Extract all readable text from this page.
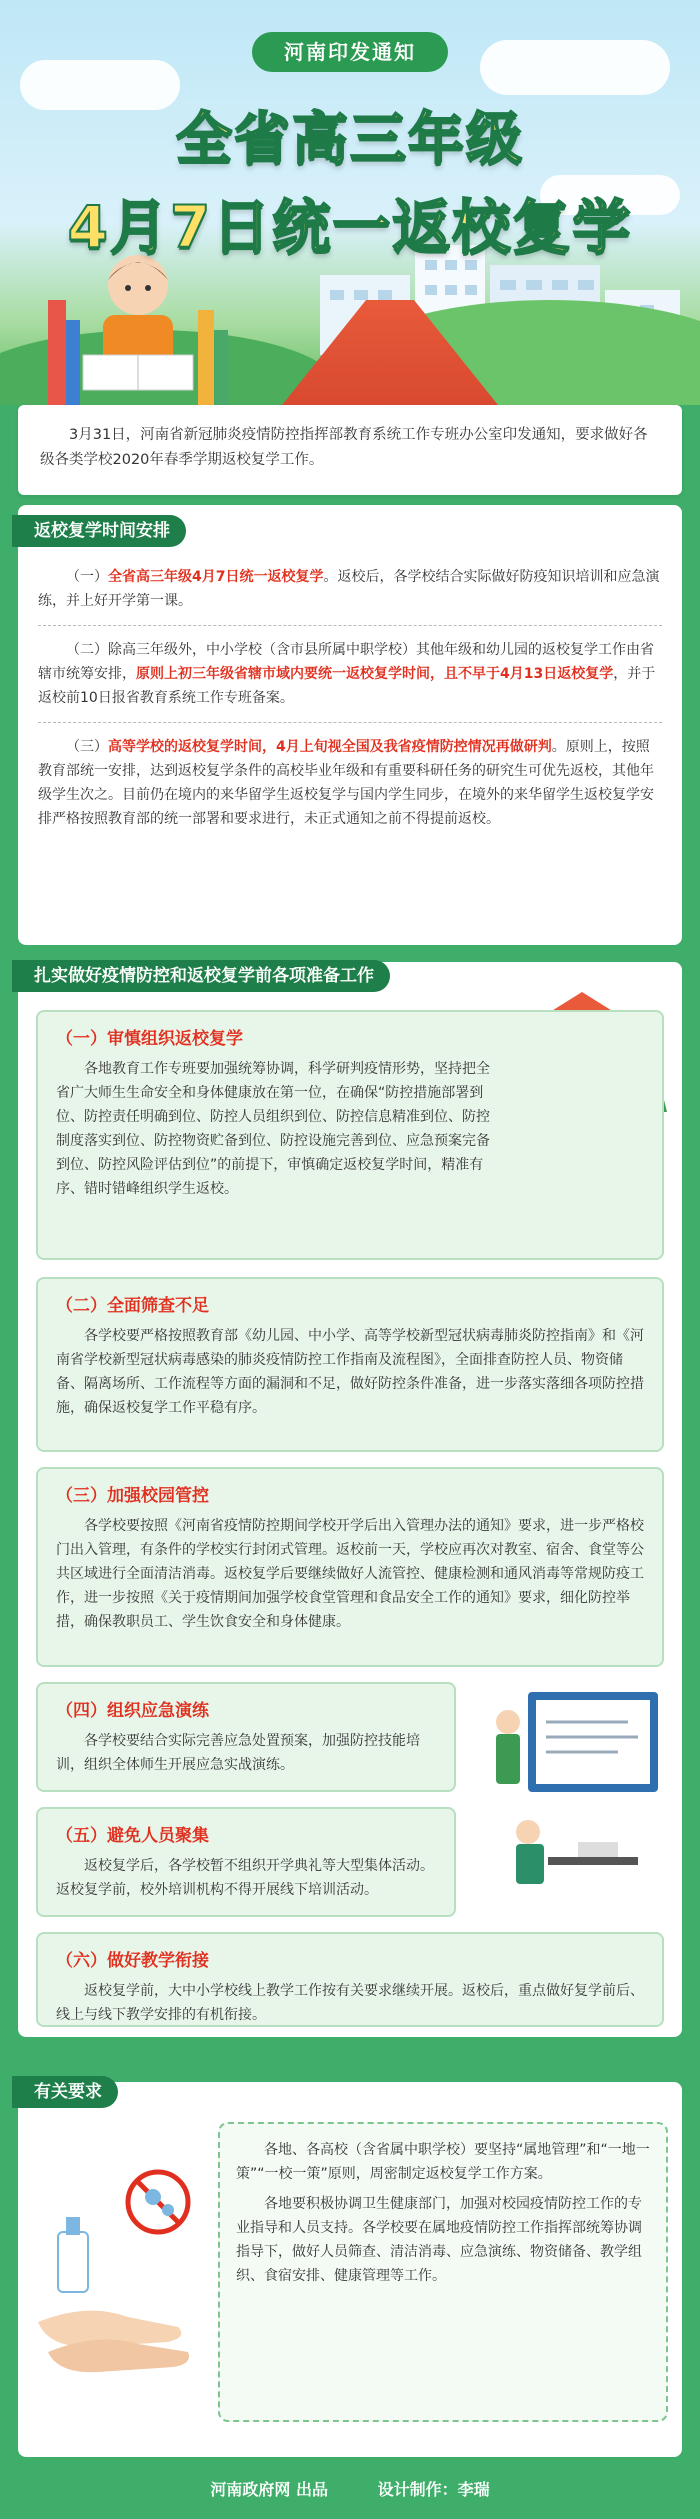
河南印发通知
全省高三年级
4月7日统一返校复学
3月31日，河南省新冠肺炎疫情防控指挥部教育系统工作专班办公室印发通知，要求做好各级各类学校2020年春季学期返校复学工作。
返校复学时间安排
（一）全省高三年级4月7日统一返校复学。返校后，各学校结合实际做好防疫知识培训和应急演练，并上好开学第一课。
（二）除高三年级外，中小学校（含市县所属中职学校）其他年级和幼儿园的返校复学工作由省辖市统筹安排，原则上初三年级省辖市域内要统一返校复学时间，且不早于4月13日返校复学，并于返校前10日报省教育系统工作专班备案。
（三）高等学校的返校复学时间，4月上旬视全国及我省疫情防控情况再做研判。原则上，按照教育部统一安排，达到返校复学条件的高校毕业年级和有重要科研任务的研究生可优先返校，其他年级学生次之。目前仍在境内的来华留学生返校复学与国内学生同步，在境外的来华留学生返校复学安排严格按照教育部的统一部署和要求进行，未正式通知之前不得提前返校。
扎实做好疫情防控和返校复学前各项准备工作
（一）审慎组织返校复学

各地教育工作专班要加强统筹协调，科学研判疫情形势，坚持把全省广大师生生命安全和身体健康放在第一位，在确保“防控措施部署到位、防控责任明确到位、防控人员组织到位、防控信息精准到位、防控制度落实到位、防控物资贮备到位、防控设施完善到位、应急预案完备到位、防控风险评估到位”的前提下，审慎确定返校复学时间，精准有序、错时错峰组织学生返校。

（二）全面筛查不足

各学校要严格按照教育部《幼儿园、中小学、高等学校新型冠状病毒肺炎防控指南》和《河南省学校新型冠状病毒感染的肺炎疫情防控工作指南及流程图》，全面排查防控人员、物资储备、隔离场所、工作流程等方面的漏洞和不足，做好防控条件准备，进一步落实落细各项防控措施，确保返校复学工作平稳有序。

（三）加强校园管控

各学校要按照《河南省疫情防控期间学校开学后出入管理办法的通知》要求，进一步严格校门出入管理，有条件的学校实行封闭式管理。返校前一天，学校应再次对教室、宿舍、食堂等公共区域进行全面清洁消毒。返校复学后要继续做好人流管控、健康检测和通风消毒等常规防疫工作，进一步按照《关于疫情期间加强学校食堂管理和食品安全工作的通知》要求，细化防控举措，确保教职员工、学生饮食安全和身体健康。

（四）组织应急演练

各学校要结合实际完善应急处置预案，加强防控技能培训，组织全体师生开展应急实战演练。

（五）避免人员聚集

返校复学后，各学校暂不组织开学典礼等大型集体活动。返校复学前，校外培训机构不得开展线下培训活动。

（六）做好教学衔接

返校复学前，大中小学校线上教学工作按有关要求继续开展。返校后，重点做好复学前后、线上与线下教学安排的有机衔接。

有关要求

各地、各高校（含省属中职学校）要坚持“属地管理”和“一地一策”“一校一策”原则，周密制定返校复学工作方案。

各地要积极协调卫生健康部门，加强对校园疫情防控工作的专业指导和人员支持。各学校要在属地疫情防控工作指挥部统筹协调指导下，做好人员筛查、清洁消毒、应急演练、物资储备、教学组织、食宿安排、健康管理等工作。

河南政府网 出品	设计制作：李瑞
